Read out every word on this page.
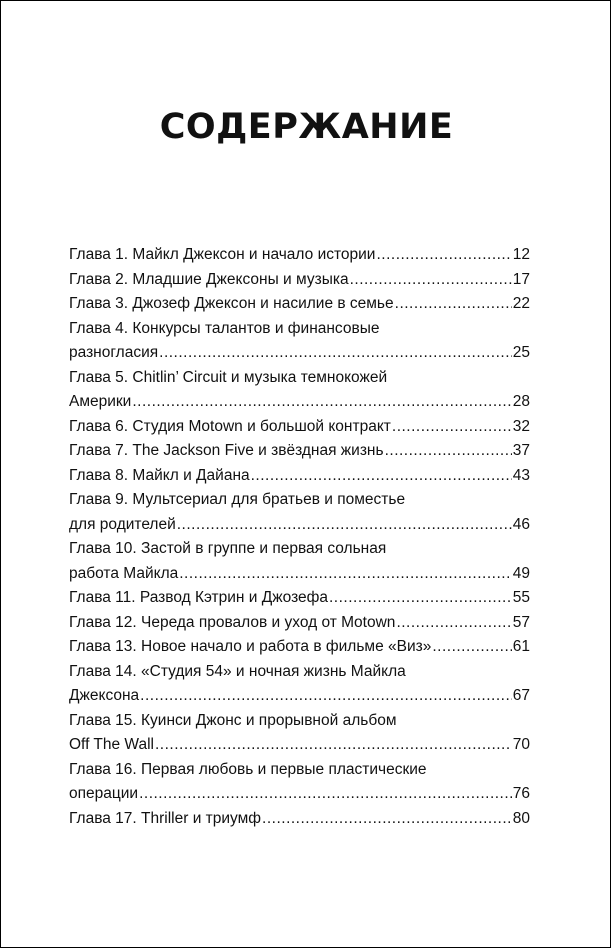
СОДЕРЖАНИЕ
Глава 1. Майкл Джексон и начало истории .....	12
Глава 2. Младшие Джексоны и музыка .....	17
Глава 3. Джозеф Джексон и насилие в семье .....	22
Глава 4. Конкурсы талантов и финансовые
разногласия .....	25
Глава 5. Chitlin’ Circuit и музыка темнокожей
Америки .....	28
Глава 6. Студия Motown и большой контракт .....	32
Глава 7. The Jackson Five и звёздная жизнь .....	37
Глава 8. Майкл и Дайана .....	43
Глава 9. Мультсериал для братьев и поместье
для родителей .....	46
Глава 10. Застой в группе и первая сольная
работа Майкла .....	49
Глава 11. Развод Кэтрин и Джозефа .....	55
Глава 12. Череда провалов и уход от Motown .....	57
Глава 13. Новое начало и работа в фильме «Виз» .....	61
Глава 14. «Студия 54» и ночная жизнь Майкла
Джексона .....	67
Глава 15. Куинси Джонс и прорывной альбом
Off The Wall .....	70
Глава 16. Первая любовь и первые пластические
операции .....	76
Глава 17. Thriller и триумф .....	80
